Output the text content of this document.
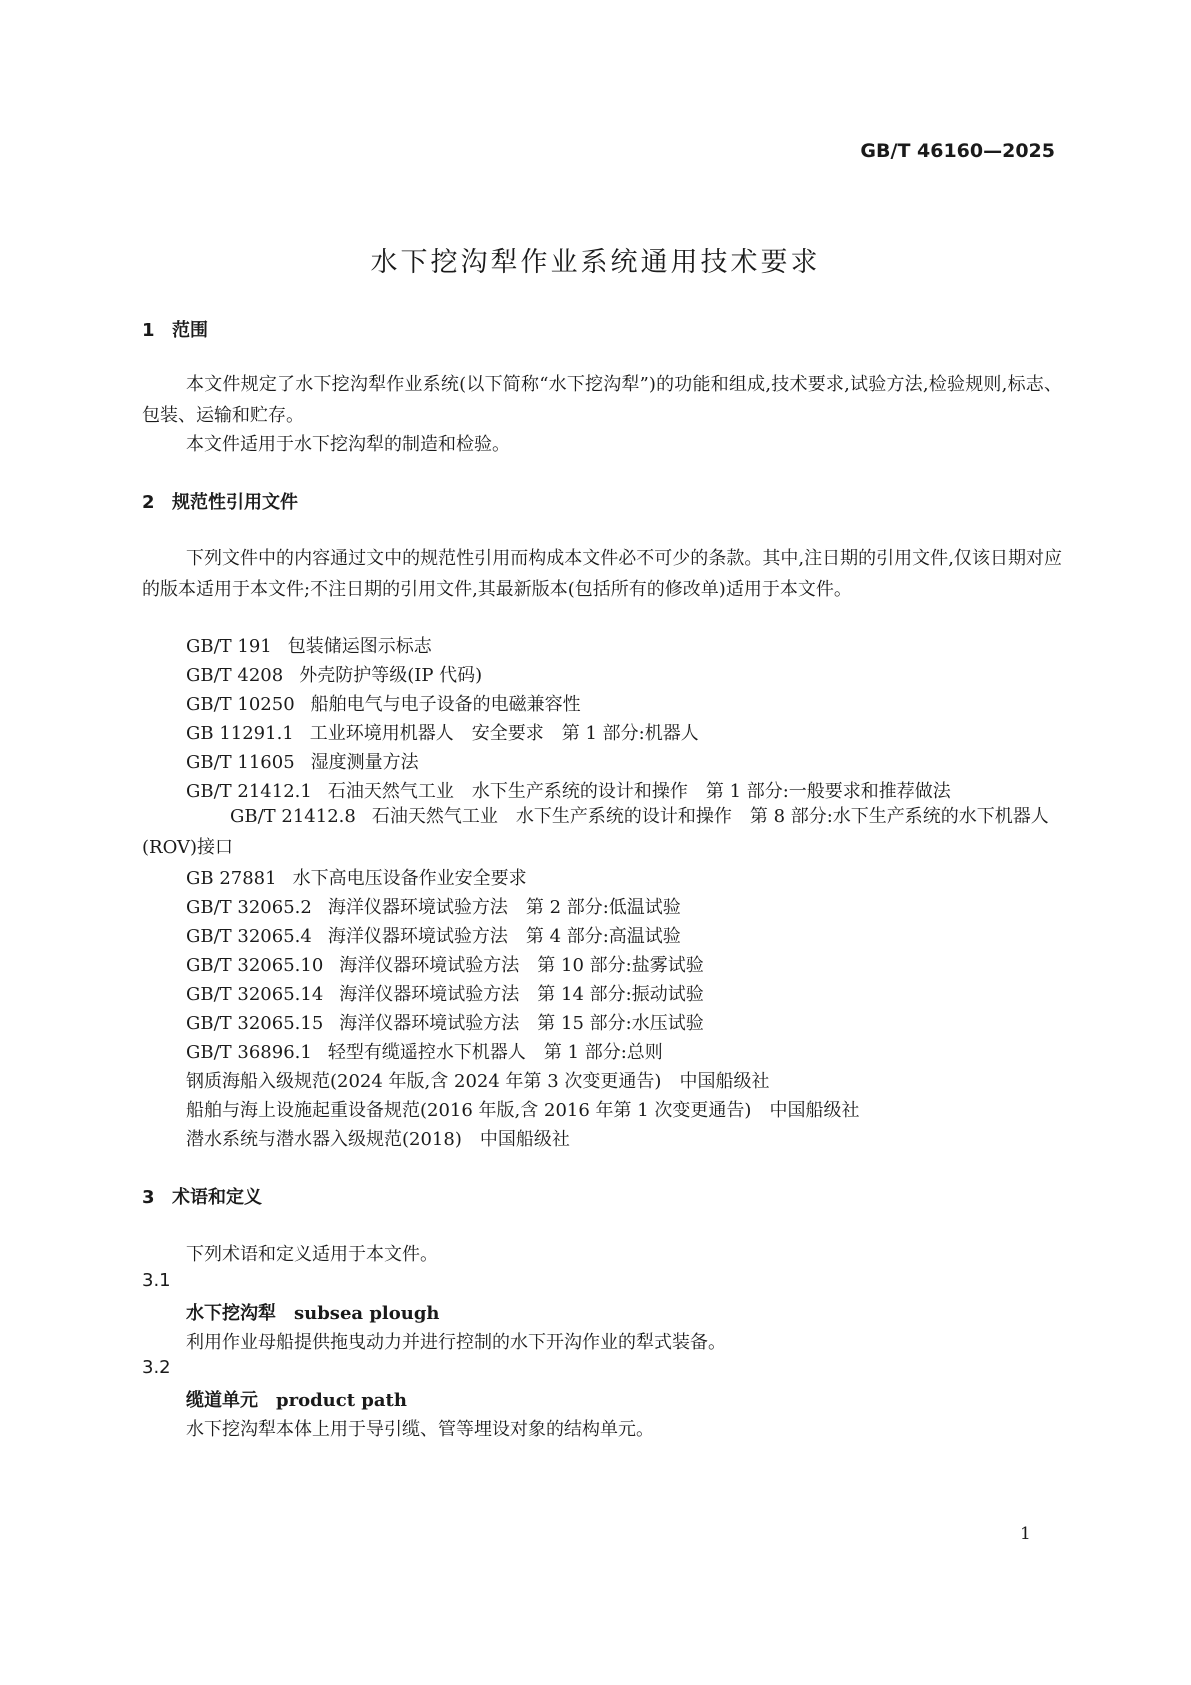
GB/T 46160—2025
水下挖沟犁作业系统通用技术要求
1 范围
本文件规定了水下挖沟犁作业系统(以下简称“水下挖沟犁”)的功能和组成,技术要求,试验方法,检验规则,标志、包装、运输和贮存。
本文件适用于水下挖沟犁的制造和检验。
2 规范性引用文件
下列文件中的内容通过文中的规范性引用而构成本文件必不可少的条款。其中,注日期的引用文件,仅该日期对应的版本适用于本文件;不注日期的引用文件,其最新版本(包括所有的修改单)适用于本文件。
GB/T 191 包装储运图示标志
GB/T 4208 外壳防护等级(IP 代码)
GB/T 10250 船舶电气与电子设备的电磁兼容性
GB 11291.1 工业环境用机器人　安全要求　第 1 部分:机器人
GB/T 11605 湿度测量方法
GB/T 21412.1 石油天然气工业　水下生产系统的设计和操作　第 1 部分:一般要求和推荐做法
GB/T 21412.8 石油天然气工业　水下生产系统的设计和操作　第 8 部分:水下生产系统的水下机器人(ROV)接口
GB 27881 水下高电压设备作业安全要求
GB/T 32065.2 海洋仪器环境试验方法　第 2 部分:低温试验
GB/T 32065.4 海洋仪器环境试验方法　第 4 部分:高温试验
GB/T 32065.10 海洋仪器环境试验方法　第 10 部分:盐雾试验
GB/T 32065.14 海洋仪器环境试验方法　第 14 部分:振动试验
GB/T 32065.15 海洋仪器环境试验方法　第 15 部分:水压试验
GB/T 36896.1 轻型有缆遥控水下机器人　第 1 部分:总则
钢质海船入级规范(2024 年版,含 2024 年第 3 次变更通告)　中国船级社
船舶与海上设施起重设备规范(2016 年版,含 2016 年第 1 次变更通告)　中国船级社
潜水系统与潜水器入级规范(2018)　中国船级社
3 术语和定义
下列术语和定义适用于本文件。
3.1
水下挖沟犁 subsea plough
利用作业母船提供拖曳动力并进行控制的水下开沟作业的犁式装备。
3.2
缆道单元 product path
水下挖沟犁本体上用于导引缆、管等埋设对象的结构单元。
1
